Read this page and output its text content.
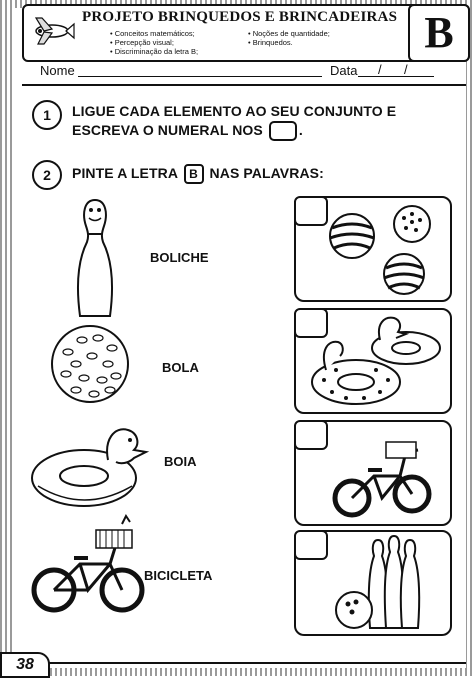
PROJETO BRINQUEDOS E BRINCADEIRAS
• Conceitos matemáticos;
• Percepção visual;
• Discriminação da letra B;
• Noções de quantidade;
• Brinquedos.	B
Nome	Data / /
1	LIGUE CADA ELEMENTO AO SEU CONJUNTO E
ESCREVA O NUMERAL NOS	.
2	PINTE A LETRA B NAS PALAVRAS:
BOLICHE
BOLA
BOIA
BICICLETA
38
